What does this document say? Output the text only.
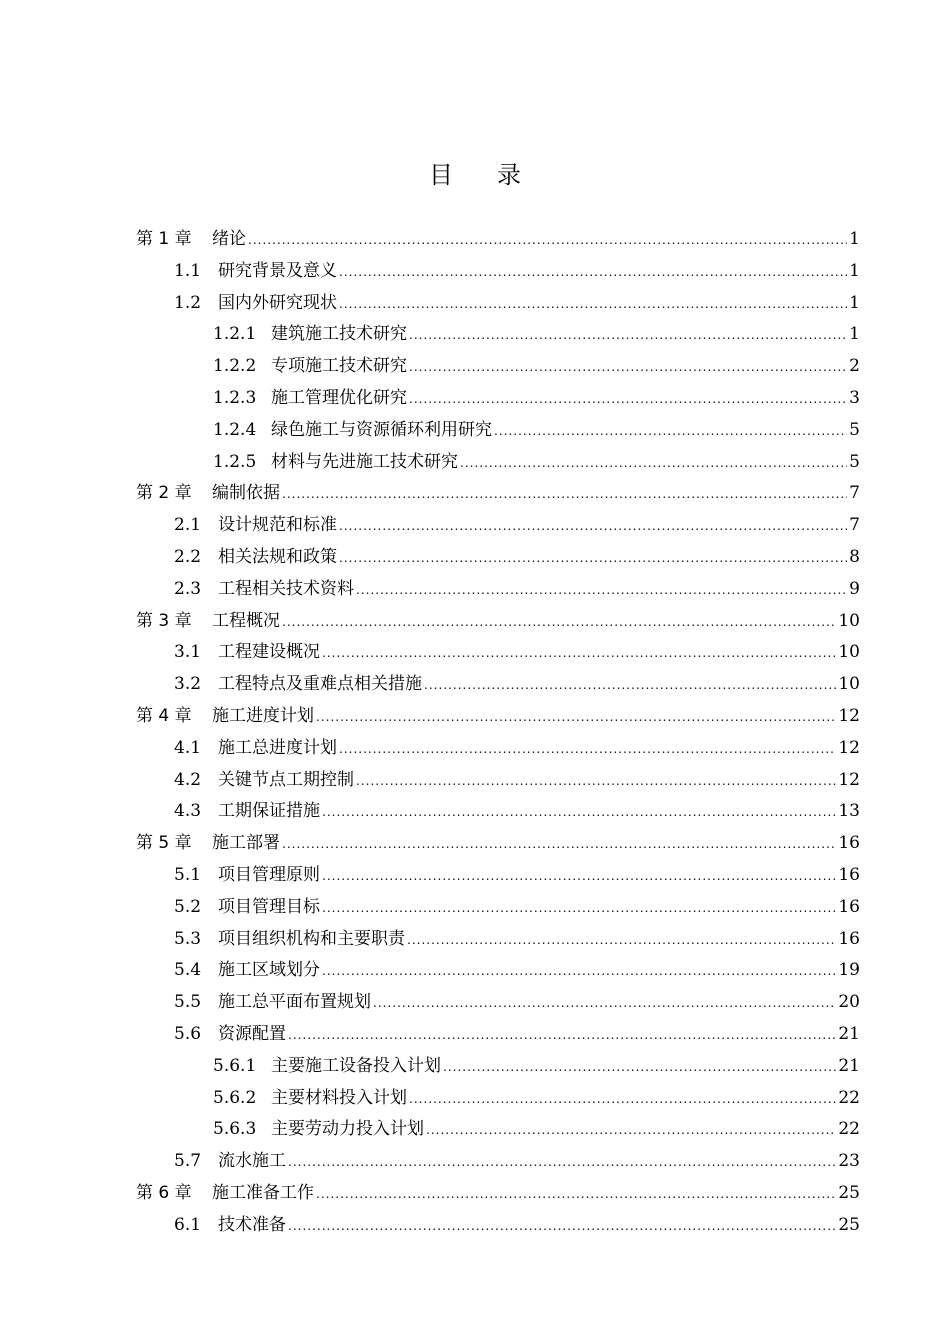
目 录
第 1 章	绪论 .....	1
1.1 研究背景及意义 .....	1
1.2 国内外研究现状 .....	1
1.2.1 建筑施工技术研究 .....	1
1.2.2 专项施工技术研究 .....	2
1.2.3 施工管理优化研究 .....	3
1.2.4 绿色施工与资源循环利用研究 .....	5
1.2.5 材料与先进施工技术研究 .....	5
第 2 章	编制依据 .....	7
2.1 设计规范和标准 .....	7
2.2 相关法规和政策 .....	8
2.3 工程相关技术资料 .....	9
第 3 章	工程概况 .....	10
3.1 工程建设概况 .....	10
3.2 工程特点及重难点相关措施 .....	10
第 4 章	施工进度计划 .....	12
4.1 施工总进度计划 .....	12
4.2 关键节点工期控制 .....	12
4.3 工期保证措施 .....	13
第 5 章	施工部署 .....	16
5.1 项目管理原则 .....	16
5.2 项目管理目标 .....	16
5.3 项目组织机构和主要职责 .....	16
5.4 施工区域划分 .....	19
5.5 施工总平面布置规划 .....	20
5.6 资源配置 .....	21
5.6.1 主要施工设备投入计划 .....	21
5.6.2 主要材料投入计划 .....	22
5.6.3 主要劳动力投入计划 .....	22
5.7 流水施工 .....	23
第 6 章	施工准备工作 .....	25
6.1 技术准备 .....	25
